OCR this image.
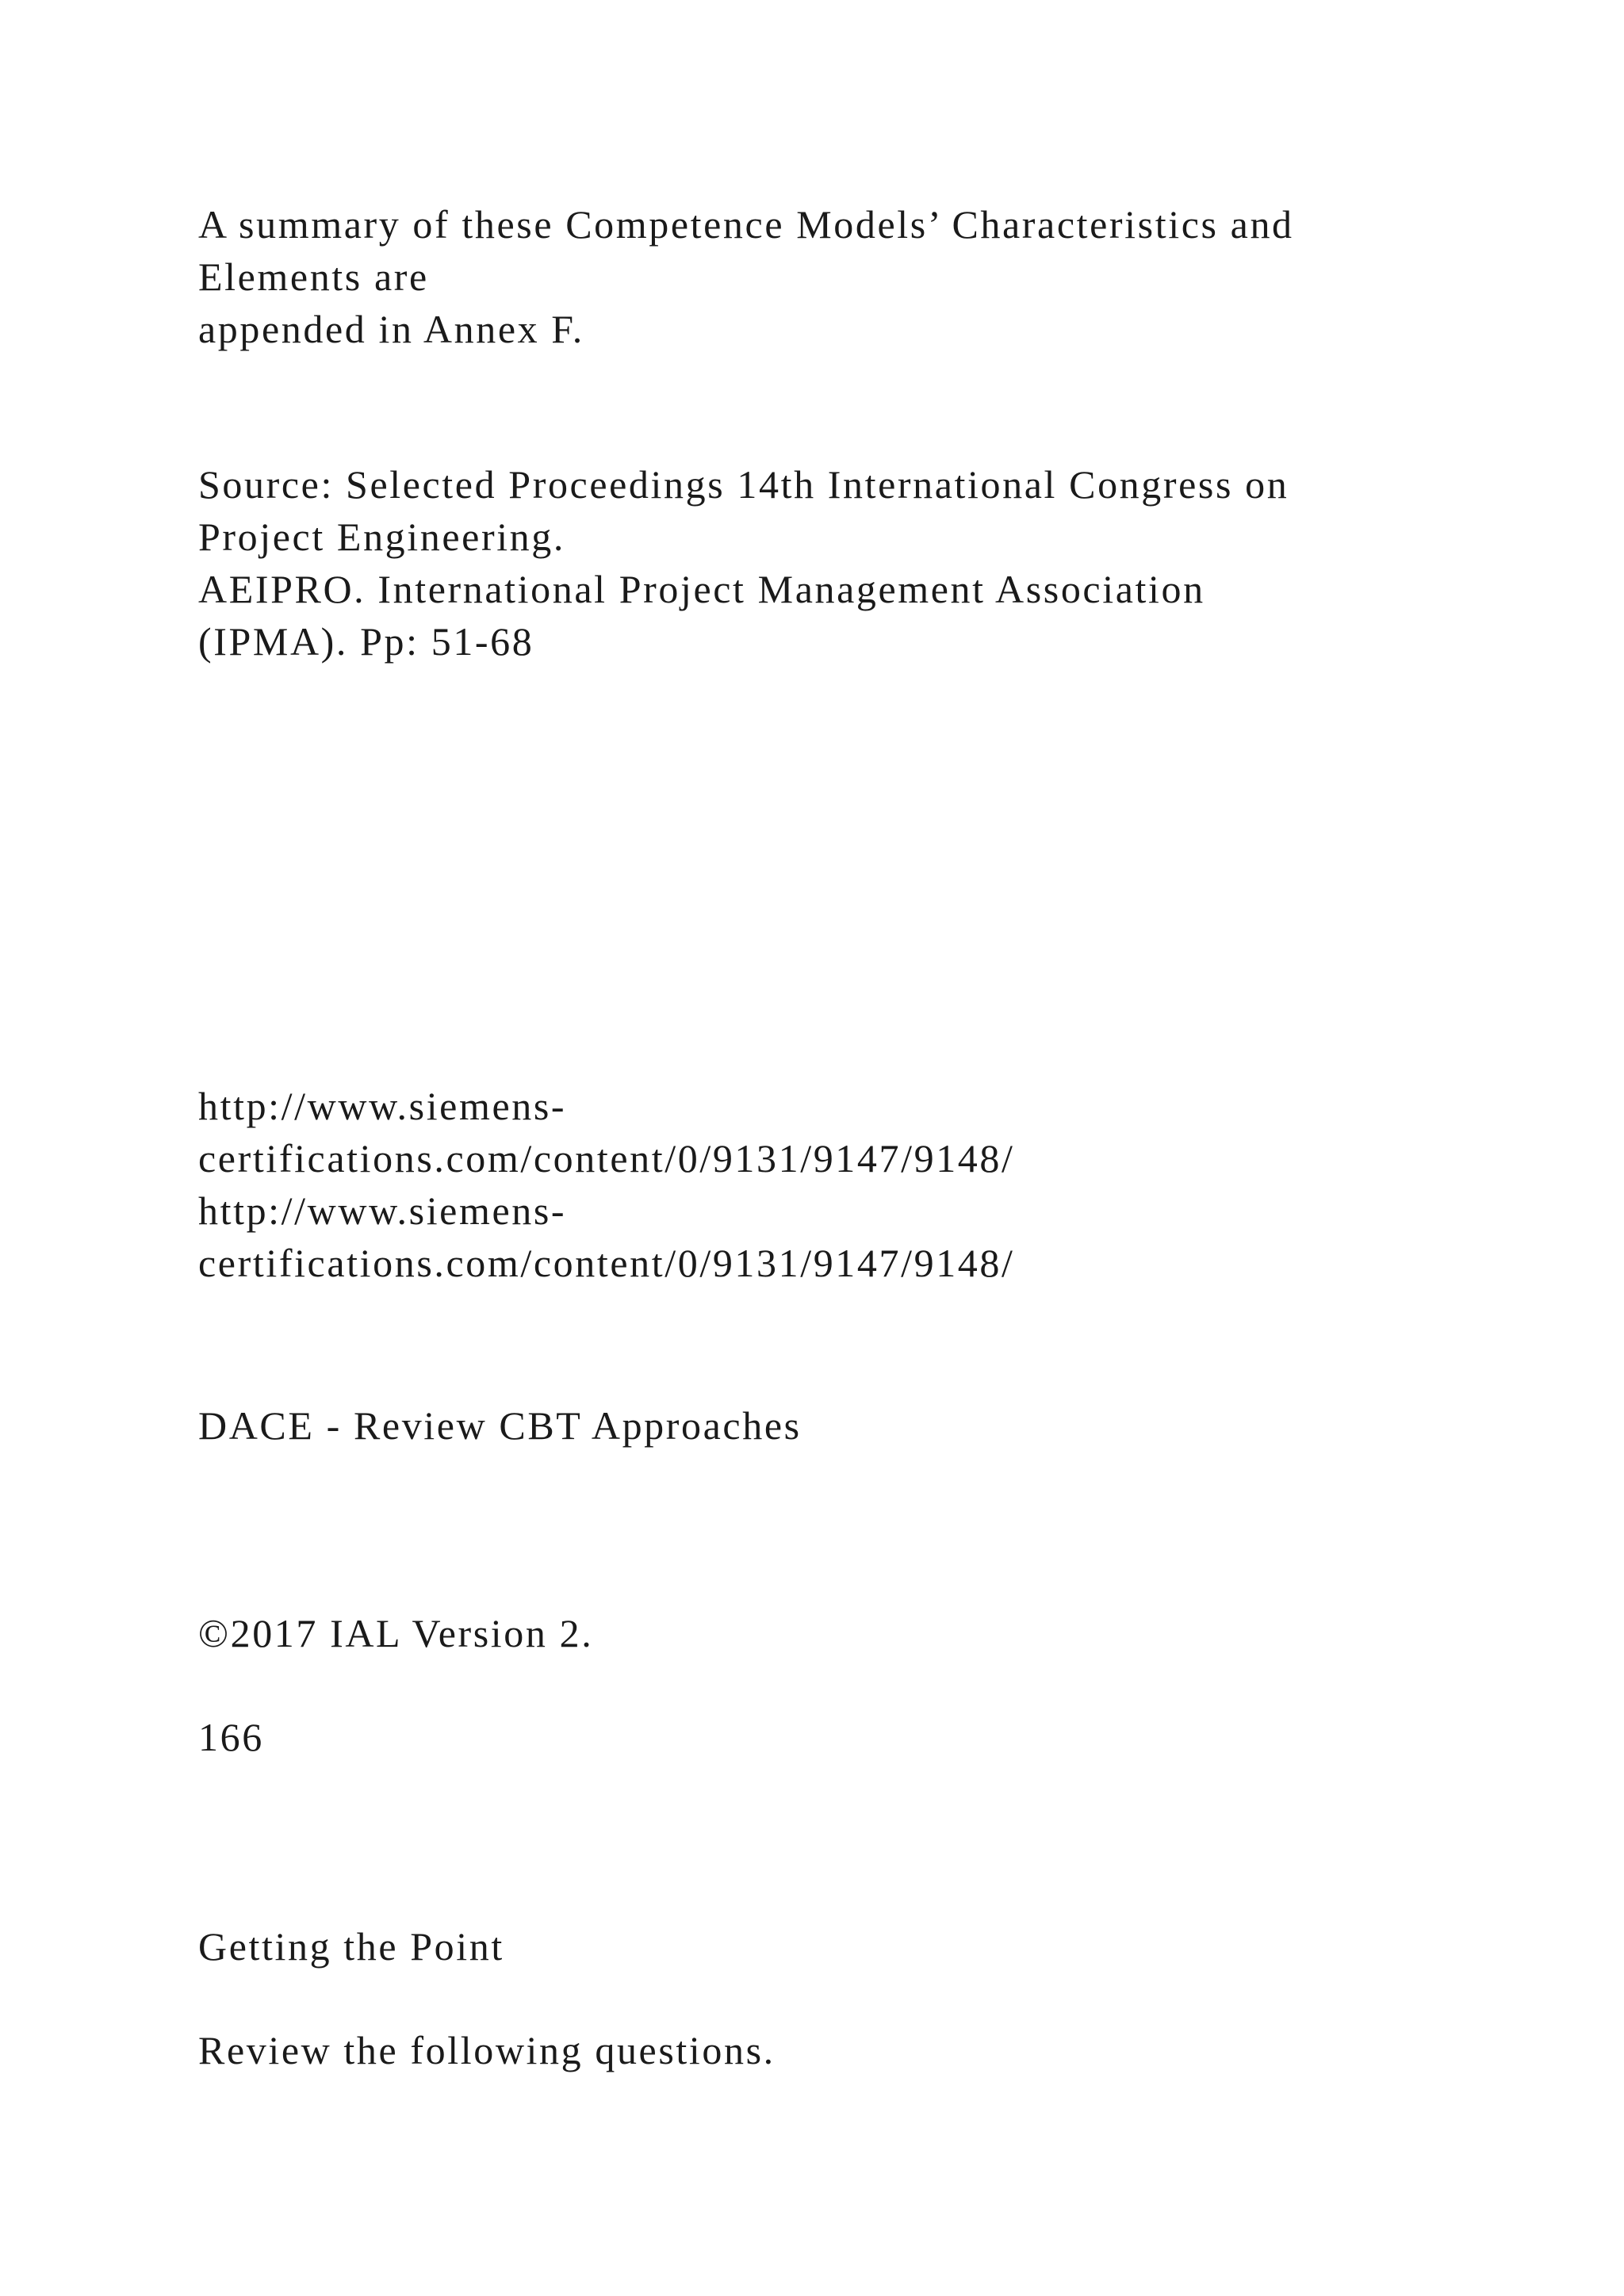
A summary of these Competence Models’ Characteristics and
Elements are
appended in Annex F.
Source: Selected Proceedings 14th International Congress on
Project Engineering.
AEIPRO. International Project Management Association
(IPMA). Pp: 51-68
http://www.siemens-
certifications.com/content/0/9131/9147/9148/
http://www.siemens-
certifications.com/content/0/9131/9147/9148/
DACE - Review CBT Approaches
©2017 IAL Version 2.
166
Getting the Point
Review the following questions.
